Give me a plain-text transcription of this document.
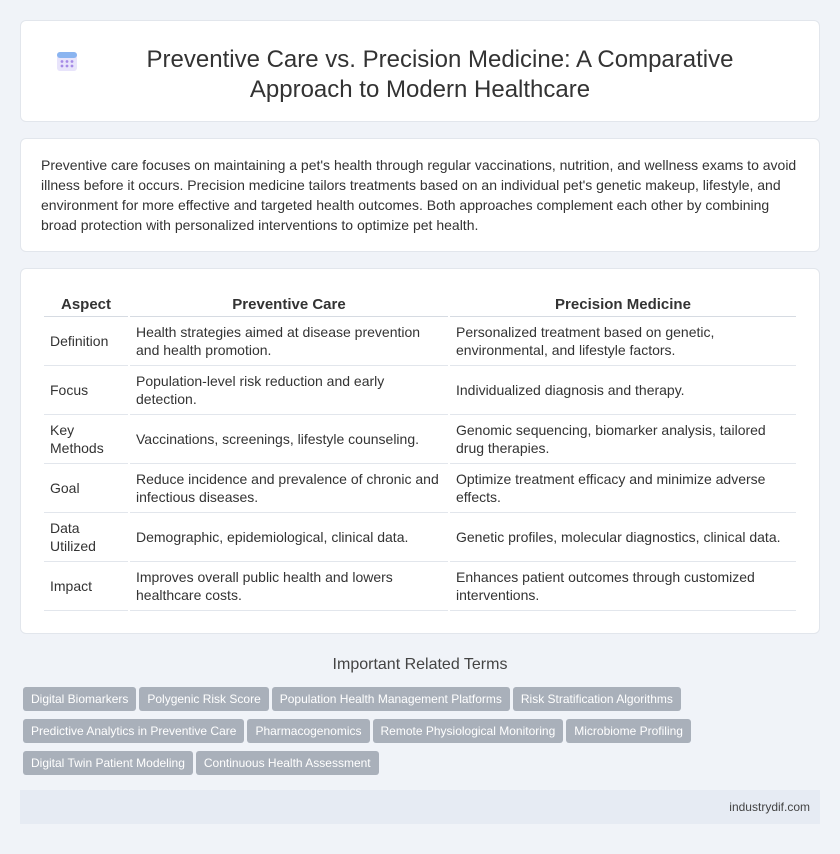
Preventive Care vs. Precision Medicine: A Comparative Approach to Modern Healthcare

Preventive care focuses on maintaining a pet's health through regular vaccinations, nutrition, and wellness exams to avoid illness before it occurs. Precision medicine tailors treatments based on an individual pet's genetic makeup, lifestyle, and environment for more effective and targeted health outcomes. Both approaches complement each other by combining broad protection with personalized interventions to optimize pet health.

Aspect	Preventive Care	Precision Medicine
Definition	Health strategies aimed at disease prevention and health promotion.	Personalized treatment based on genetic, environmental, and lifestyle factors.
Focus	Population-level risk reduction and early detection.	Individualized diagnosis and therapy.
Key Methods	Vaccinations, screenings, lifestyle counseling.	Genomic sequencing, biomarker analysis, tailored drug therapies.
Goal	Reduce incidence and prevalence of chronic and infectious diseases.	Optimize treatment efficacy and minimize adverse effects.
Data Utilized	Demographic, epidemiological, clinical data.	Genetic profiles, molecular diagnostics, clinical data.
Impact	Improves overall public health and lowers healthcare costs.	Enhances patient outcomes through customized interventions.
Important Related Terms
Digital Biomarkers Polygenic Risk Score Population Health Management Platforms Risk Stratification Algorithms
Predictive Analytics in Preventive Care Pharmacogenomics Remote Physiological Monitoring Microbiome Profiling
Digital Twin Patient Modeling Continuous Health Assessment
industrydif.com
